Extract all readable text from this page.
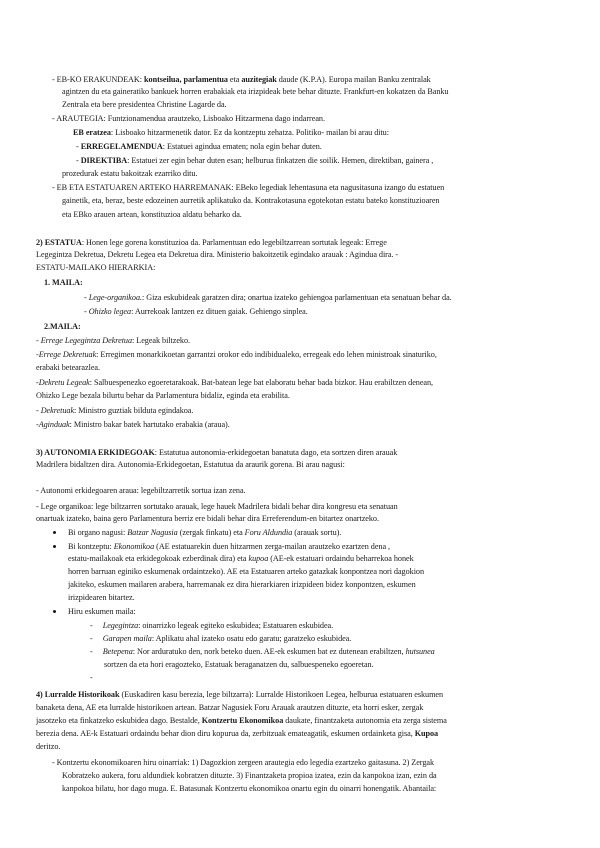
- EB-KO ERAKUNDEAK: kontseilua, parlamentua eta auzitegiak daude (K.P.A). Europa mailan Banku zentralak
agintzen du eta gaineratiko bankuek horren erabakiak eta irizpideak bete behar dituzte. Frankfurt-en kokatzen da Banku
Zentrala eta bere presidentea Christine Lagarde da.
- ARAUTEGIA: Funtzionamendua arautzeko, Lisboako Hitzarmena dago indarrean.
EB eratzea: Lisboako hitzarmenetik dator. Ez da kontzeptu zehatza. Politiko- mailan bi arau ditu:
- ERREGELAMENDUA: Estatuei agindua ematen; nola egin behar duten.
- DIREKTIBA: Estatuei zer egin behar duten esan; helburua finkatzen die soilik. Hemen, direktiban, gainera ,
prozedurak estatu bakoitzak ezarriko ditu.
- EB ETA ESTATUAREN ARTEKO HARREMANAK: EBeko legediak lehentasuna eta nagusitasuna izango du estatuen
gainetik, eta, beraz, beste edozeinen aurretik aplikatuko da. Kontrakotasuna egotekotan estatu bateko konstituzioaren
eta EBko arauen artean, konstituzioa aldatu beharko da.
2) ESTATUA: Honen lege gorena konstituzioa da. Parlamentuan edo legebiltzarrean sortutak legeak: Errege
Legegintza Dekretua, Dekretu Legea eta Dekretua dira. Ministerio bakoitzetik egindako arauak : Agindua dira. -
ESTATU-MAILAKO HIERARKIA:
1. MAILA:
- Lege-organikoa.: Giza eskubideak garatzen dira; onartua izateko gehiengoa parlamentuan eta senatuan behar da.
- Ohizko legea: Aurrekoak lantzen ez dituen gaiak. Gehiengo sinplea.
2.MAILA:
- Errege Legegintza Dekretua: Legeak biltzeko.
-Errege Dekretuak: Erregimen monarkikoetan garrantzi orokor edo indibidualeko, erregeak edo lehen ministroak sinaturiko,
erabaki betearazlea.
-Dekretu Legeak: Salbuespenezko egoeretarakoak. Bat-batean lege bat elaboratu behar bada bizkor. Hau erabiltzen denean,
Ohizko Lege bezala bilurtu behar da Parlamentura bidaliz, eginda eta erabilita.
- Dekretuak: Ministro guztiak bilduta egindakoa.
-Aginduak: Ministro bakar batek hartutako erabakia (araua).
3) AUTONOMIA ERKIDEGOAK: Estatutua autonomia-erkidegoetan banatuta dago, eta sortzen diren arauak
Madrilera bidaltzen dira. Autonomia-Erkidegoetan, Estatutua da araurik gorena. Bi arau nagusi:
- Autonomi erkidegoaren araua: legebiltzarretik sortua izan zena.
- Lege organikoa: lege biltzarren sortutako arauak, lege hauek Madrilera bidali behar dira kongresu eta senatuan
onartuak izateko, baina gero Parlamentura berriz ere bidali behar dira Erreferendum-en bitartez onartzeko.
Bi organo nagusi: Batzar Nagusia (zergak finkatu) eta Foru Aldundia (arauak sortu).
Bi kontzeptu: Ekonomikoa (AE estatuarekin duen hitzarmen zerga-mailan arautzeko ezartzen dena ,
estatu-mailakoak eta erkidegokoak ezberdinak dira) eta kupoa (AE-ek estatuari ordaindu beharrekoa honek
horren barruan eginiko eskumenak ordaintzeko). AE eta Estatuaren arteko gatazkak konpontzea nori dagokion
jakiteko, eskumen mailaren arabera, harremanak ez dira hierarkiaren irizpideen bidez konpontzen, eskumen
irizpidearen bitartez.
Hiru eskumen maila:
- Legegintza: oinarrizko legeak egiteko eskubidea; Estatuaren eskubidea.
- Garapen maila: Aplikatu ahal izateko osatu edo garatu; garatzeko eskubidea.
- Betepena: Nor arduratuko den, nork beteko duen. AE-ek eskumen bat ez dutenean erabiltzen, hutsunea
sortzen da eta hori eragozteko, Estatuak beraganatzen du, salbuespeneko egoeretan.
-
4) Lurralde Historikoak (Euskadiren kasu berezia, lege biltzarra): Lurralde Historikoen Legea, helburua estatuaren eskumen
banaketa dena, AE eta lurralde historikoen artean. Batzar Nagusiek Foru Arauak arautzen dituzte, eta horri esker, zergak
jasotzeko eta finkatzeko eskubidea dago. Bestalde, Kontzertu Ekonomikoa daukate, finantzaketa autonomia eta zerga sistema
berezia dena. AE-k Estatuari ordaindu behar dion diru kopurua da, zerbitzuak emateagatik, eskumen ordainketa gisa, Kupoa
deritzo.
- Kontzertu ekonomikoaren hiru oinarriak: 1) Dagozkion zergeen arautegia edo legedia ezartzeko gaitasuna. 2) Zergak
Kobratzeko aukera, foru aldundiek kobratzen dituzte. 3) Finantzaketa propioa izatea, ezin da kanpokoa izan, ezin da
kanpokoa bilatu, hor dago muga. E. Batasunak Kontzertu ekonomikoa onartu egin du oinarri honengatik. Abantaila:
